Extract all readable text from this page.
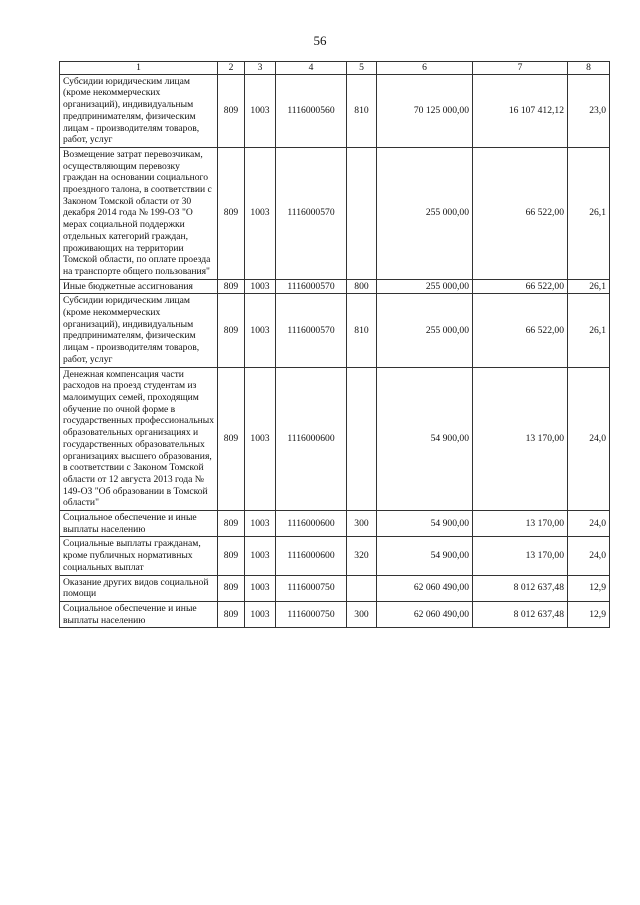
56
1	2	3	4	5	6	7	8
Субсидии юридическим лицам (кроме некоммерческих организаций), индивидуальным предпринимателям, физическим лицам - производителям товаров, работ, услуг	809	1003	1116000560	810	70 125 000,00	16 107 412,12	23,0
Возмещение затрат перевозчикам, осуществляющим перевозку граждан на основании социального проездного талона, в соответствии с Законом Томской области от 30 декабря 2014 года № 199-ОЗ "О мерах социальной поддержки отдельных категорий граждан, проживающих на территории Томской области, по оплате проезда на транспорте общего пользования"	809	1003	1116000570		255 000,00	66 522,00	26,1
Иные бюджетные ассигнования	809	1003	1116000570	800	255 000,00	66 522,00	26,1
Субсидии юридическим лицам (кроме некоммерческих организаций), индивидуальным предпринимателям, физическим лицам - производителям товаров, работ, услуг	809	1003	1116000570	810	255 000,00	66 522,00	26,1
Денежная компенсация части расходов на проезд студентам из малоимущих семей, проходящим обучение по очной форме в государственных профессиональных образовательных организациях и государственных образовательных организациях высшего образования, в соответствии с Законом Томской области от 12 августа 2013 года № 149-ОЗ "Об образовании в Томской области"	809	1003	1116000600		54 900,00	13 170,00	24,0
Социальное обеспечение и иные выплаты населению	809	1003	1116000600	300	54 900,00	13 170,00	24,0
Социальные выплаты гражданам, кроме публичных нормативных социальных выплат	809	1003	1116000600	320	54 900,00	13 170,00	24,0
Оказание других видов социальной помощи	809	1003	1116000750		62 060 490,00	8 012 637,48	12,9
Социальное обеспечение и иные выплаты населению	809	1003	1116000750	300	62 060 490,00	8 012 637,48	12,9
